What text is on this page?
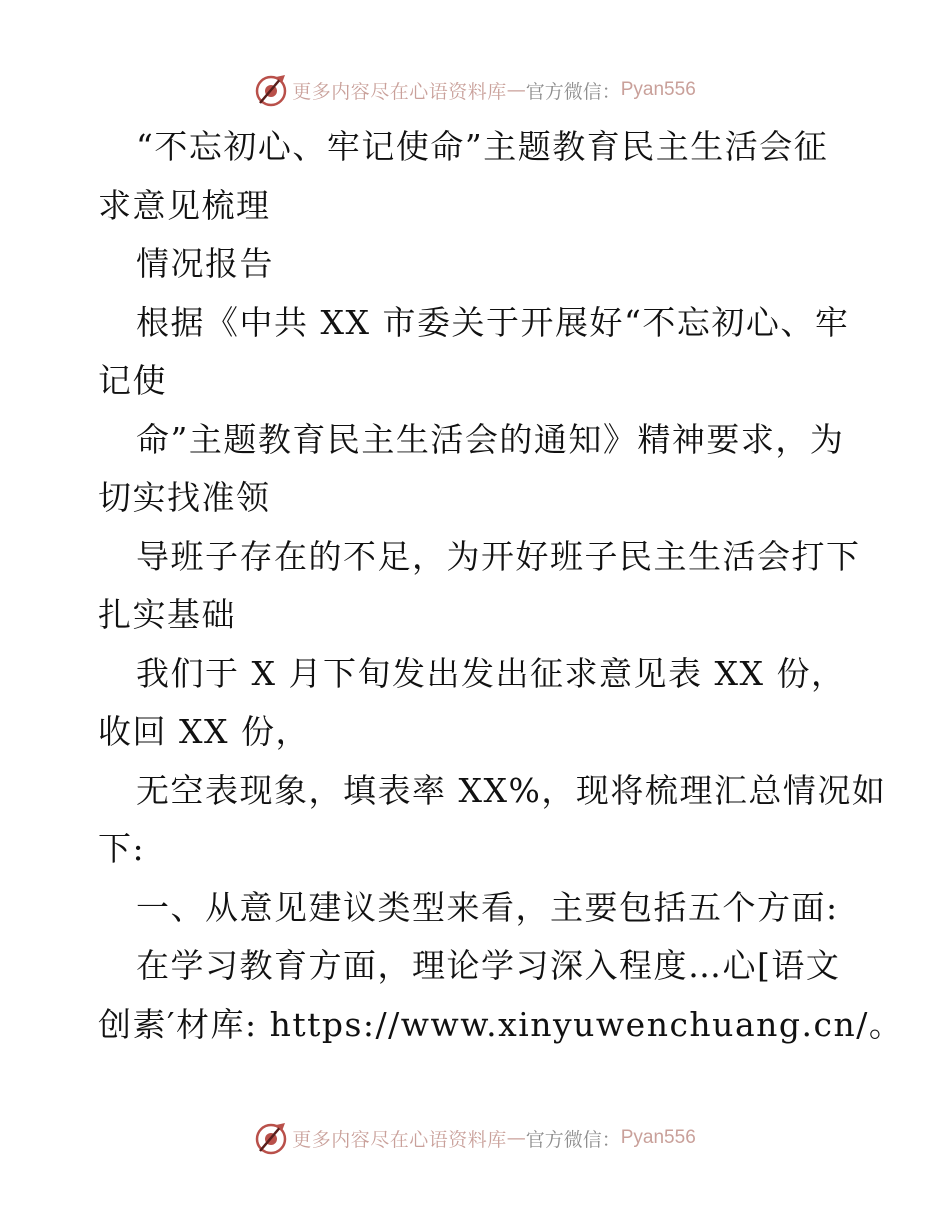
更多内容尽在心语资料库 — 官方微信： Pyan556
“不忘初心、牢记使命”主题教育民主生活会征
求意见梳理
情况报告
根据《中共 XX 市委关于开展好“不忘初心、牢
记使
命”主题教育民主生活会的通知》精神要求，为
切实找准领
导班子存在的不足，为开好班子民主生活会打下
扎实基础
我们于 X 月下旬发出发出征求意见表 XX 份，
收回 XX 份，
无空表现象，填表率 XX%，现将梳理汇总情况如
下:
一、从意见建议类型来看，主要包括五个方面:
在学习教育方面，理论学习深入程度…心[语文
创素′材库: https://www.xinyuwenchuang.cn/。
更多内容尽在心语资料库 — 官方微信： Pyan556
